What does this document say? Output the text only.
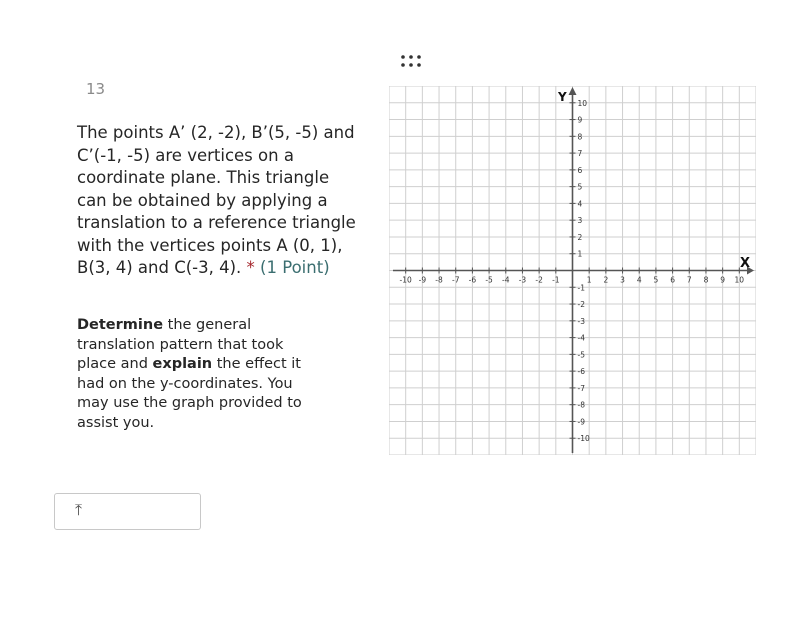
13
The points A’ (2, -2), B’(5, -5) and C’(-1, -5) are vertices on a coordinate plane. This triangle can be obtained by applying a translation to a reference triangle with the vertices points A (0, 1), B(3, 4) and C(-3, 4). * (1 Point)
Determine the general translation pattern that took place and explain the effect it had on the y-coordinates. You may use the graph provided to assist you.
-10
-10
-9
-9
-8
-8
-7
-7
-6
-6
-5
-5
-4
-4
-3
-3
-2
-2
-1
-1
1
1
2
2
3
3
4
4
5
5
6
6
7
7
8
8
9
9
10
10
X
Y
⤒
